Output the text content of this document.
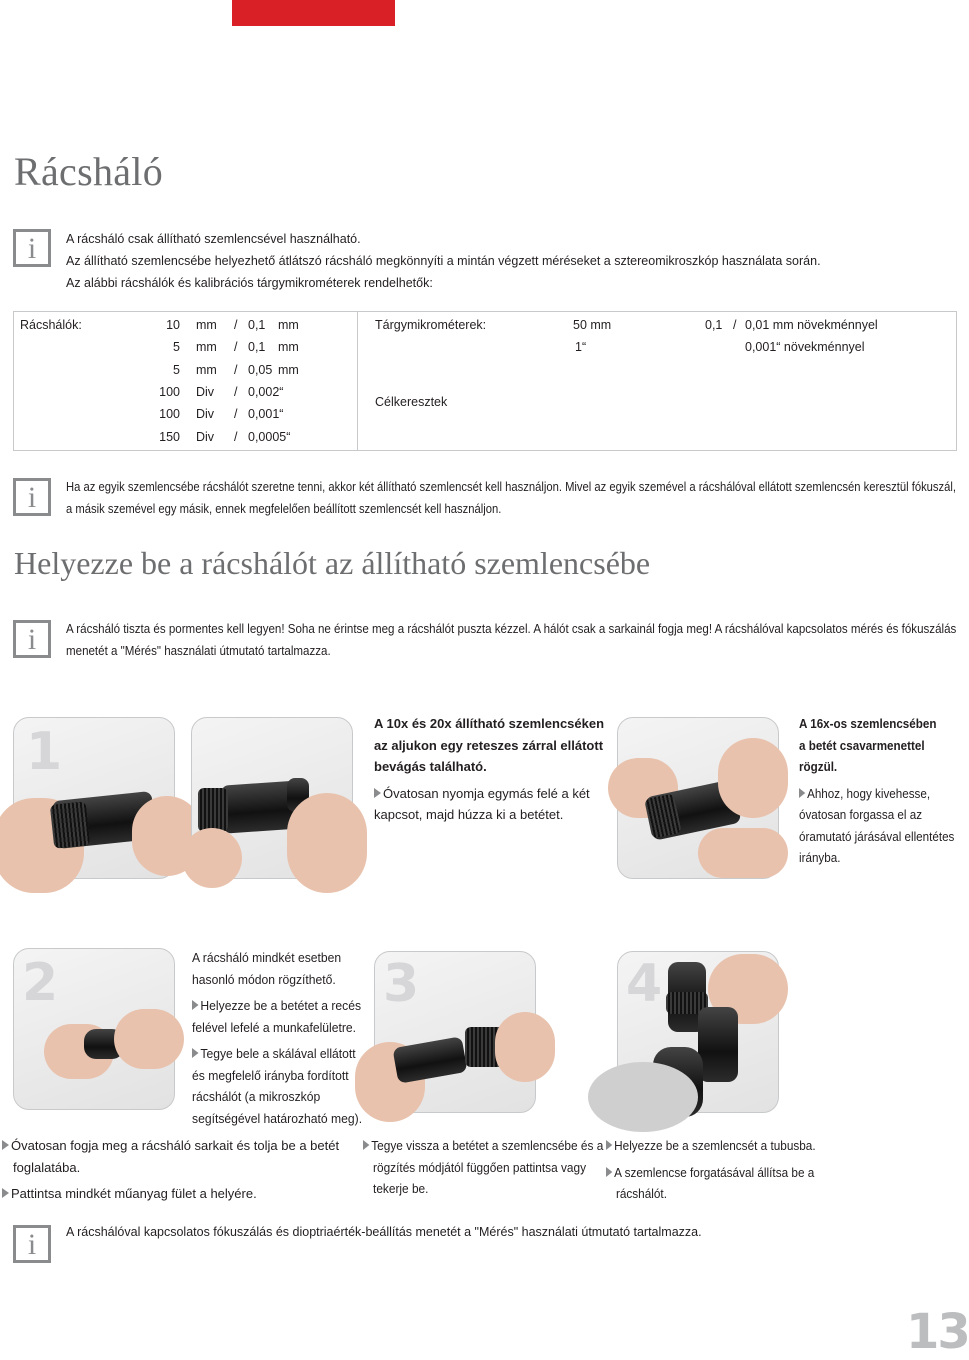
Rácsháló
i A rácsháló csak állítható szemlencsével használható.
Az állítható szemlencsébe helyezhető átlátszó rácsháló megkönnyíti a mintán végzett méréseket a sztereomikroszkóp használata során.
Az alábbi rácshálók és kalibrációs tárgymikrométerek rendelhetők:
Rácshálók:	10 mm / 0,1 mm
5 mm / 0,1 mm
5 mm / 0,05 mm
100 Div / 0,002“
100 Div / 0,001“
150 Div / 0,0005“
Tárgymikrométerek:	50 mm	0,1 / 0,01 mm növekménnyel
1“	0,001“ növekménnyel
Célkeresztek
i Ha az egyik szemlencsébe rácshálót szeretne tenni, akkor két állítható szemlencsét kell használjon. Mivel az egyik szemével a rácshálóval ellátott szemlencsén keresztül fókuszál,
a másik szemével egy másik, ennek megfelelően beállított szemlencsét kell használjon.
Helyezze be a rácshálót az állítható szemlencsébe
i A rácsháló tiszta és pormentes kell legyen! Soha ne érintse meg a rácshálót puszta kézzel. A hálót csak a sarkainál fogja meg! A rácshálóval kapcsolatos mérés és fókuszálás
menetét a "Mérés" használati útmutató tartalmazza.
1	A 10x és 20x állítható szemlencséken
az aljukon egy reteszes zárral ellátott
bevágás található.
Óvatosan nyomja egymás felé a két
kapcsot, majd húzza ki a betétet.
A 16x-os szemlencsében
a betét csavarmenettel
rögzül.
Ahhoz, hogy kivehesse,
óvatosan forgassa el az
óramutató járásával ellentétes
irányba.
2	A rácsháló mindkét esetben
hasonló módon rögzíthető.
Helyezze be a betétet a recés
felével lefelé a munkafelületre.
Tegye bele a skálával ellátott
és megfelelő irányba fordított
rácshálót (a mikroszkóp
segítségével határozható meg).
Óvatosan fogja meg a rácsháló sarkait és tolja be a betét
foglalatába.
Pattintsa mindkét műanyag fület a helyére.
3
Tegye vissza a betétet a szemlencsébe és a
rögzítés módjától függően pattintsa vagy
tekerje be.
4
Helyezze be a szemlencsét a tubusba.
A szemlencse forgatásával állítsa be a
rácshálót.
i A rácshálóval kapcsolatos fókuszálás és dioptriaérték-beállítás menetét a "Mérés" használati útmutató tartalmazza.
13
